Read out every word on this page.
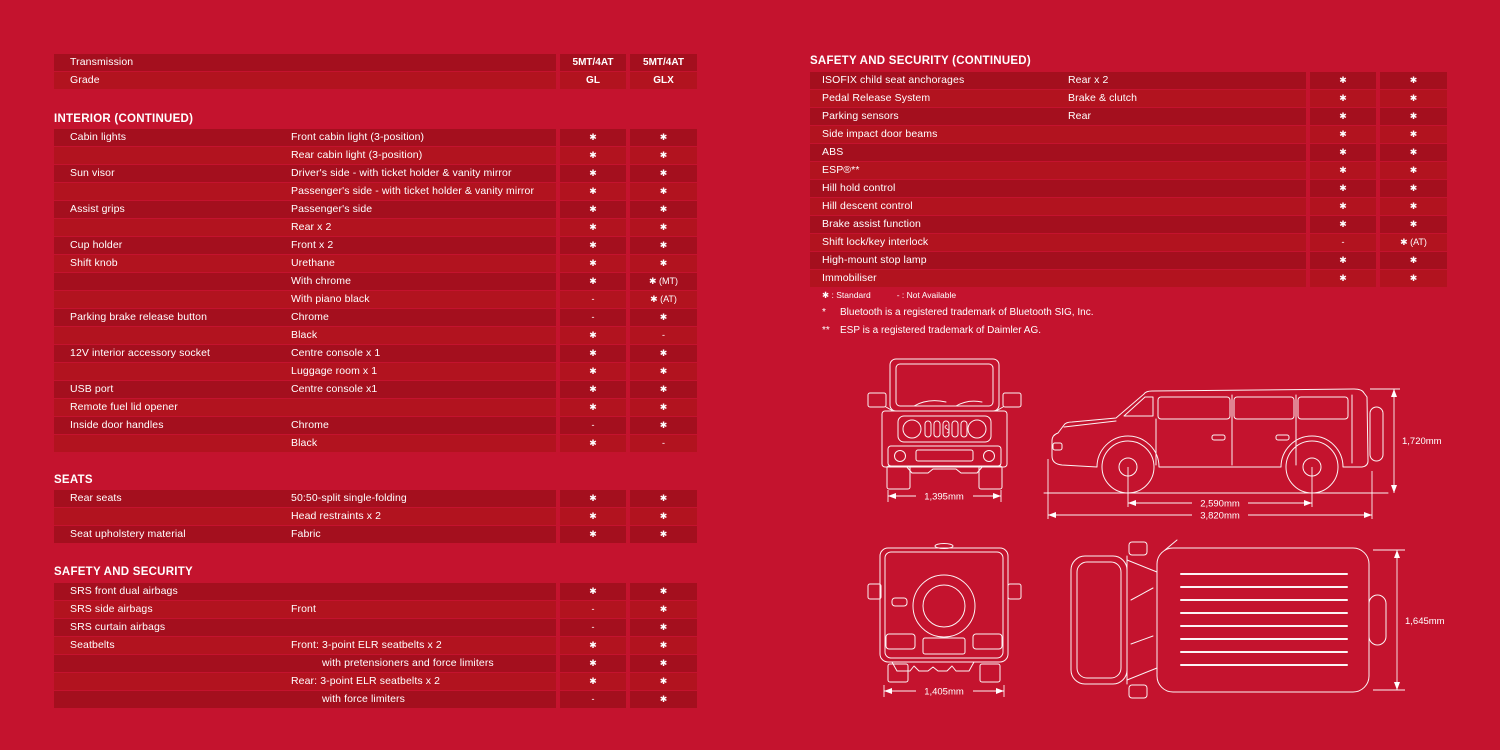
Transmission	5MT/4AT	5MT/4AT
Grade	GL	GLX
INTERIOR (CONTINUED)
Cabin lights	Front cabin light (3-position)	✱	✱
Rear cabin light (3-position)	✱	✱
Sun visor	Driver's side - with ticket holder & vanity mirror	✱	✱
Passenger's side - with ticket holder & vanity mirror	✱	✱
Assist grips	Passenger's side	✱	✱
Rear x 2	✱	✱
Cup holder	Front x 2	✱	✱
Shift knob	Urethane	✱	✱
With chrome	✱	✱ (MT)
With piano black	-	✱ (AT)
Parking brake release button	Chrome	-	✱
Black	✱	-
12V interior accessory socket	Centre console x 1	✱	✱
Luggage room x 1	✱	✱
USB port	Centre console x1	✱	✱
Remote fuel lid opener	✱	✱
Inside door handles	Chrome	-	✱
Black	✱	-
SEATS
Rear seats	50:50-split single-folding	✱	✱
Head restraints x 2	✱	✱
Seat upholstery material	Fabric	✱	✱
SAFETY AND SECURITY
SRS front dual airbags	✱	✱
SRS side airbags	Front	-	✱
SRS curtain airbags	-	✱
Seatbelts	Front: 3-point ELR seatbelts x 2	✱	✱
with pretensioners and force limiters	✱	✱
Rear: 3-point ELR seatbelts x 2	✱	✱
with force limiters	-	✱
SAFETY AND SECURITY (CONTINUED)
ISOFIX child seat anchorages	Rear x 2	✱	✱
Pedal Release System	Brake & clutch	✱	✱
Parking sensors	Rear	✱	✱
Side impact door beams	✱	✱
ABS	✱	✱
ESP®**	✱	✱
Hill hold control	✱	✱
Hill descent control	✱	✱
Brake assist function	✱	✱
Shift lock/key interlock	-	✱ (AT)
High-mount stop lamp	✱	✱
Immobiliser	✱	✱
✱ : Standard	- : Not Available
* Bluetooth is a registered trademark of Bluetooth SIG, Inc.
** ESP is a registered trademark of Daimler AG.
1,395mm
1,720mm
2,590mm
3,820mm
1,405mm
1,645mm
